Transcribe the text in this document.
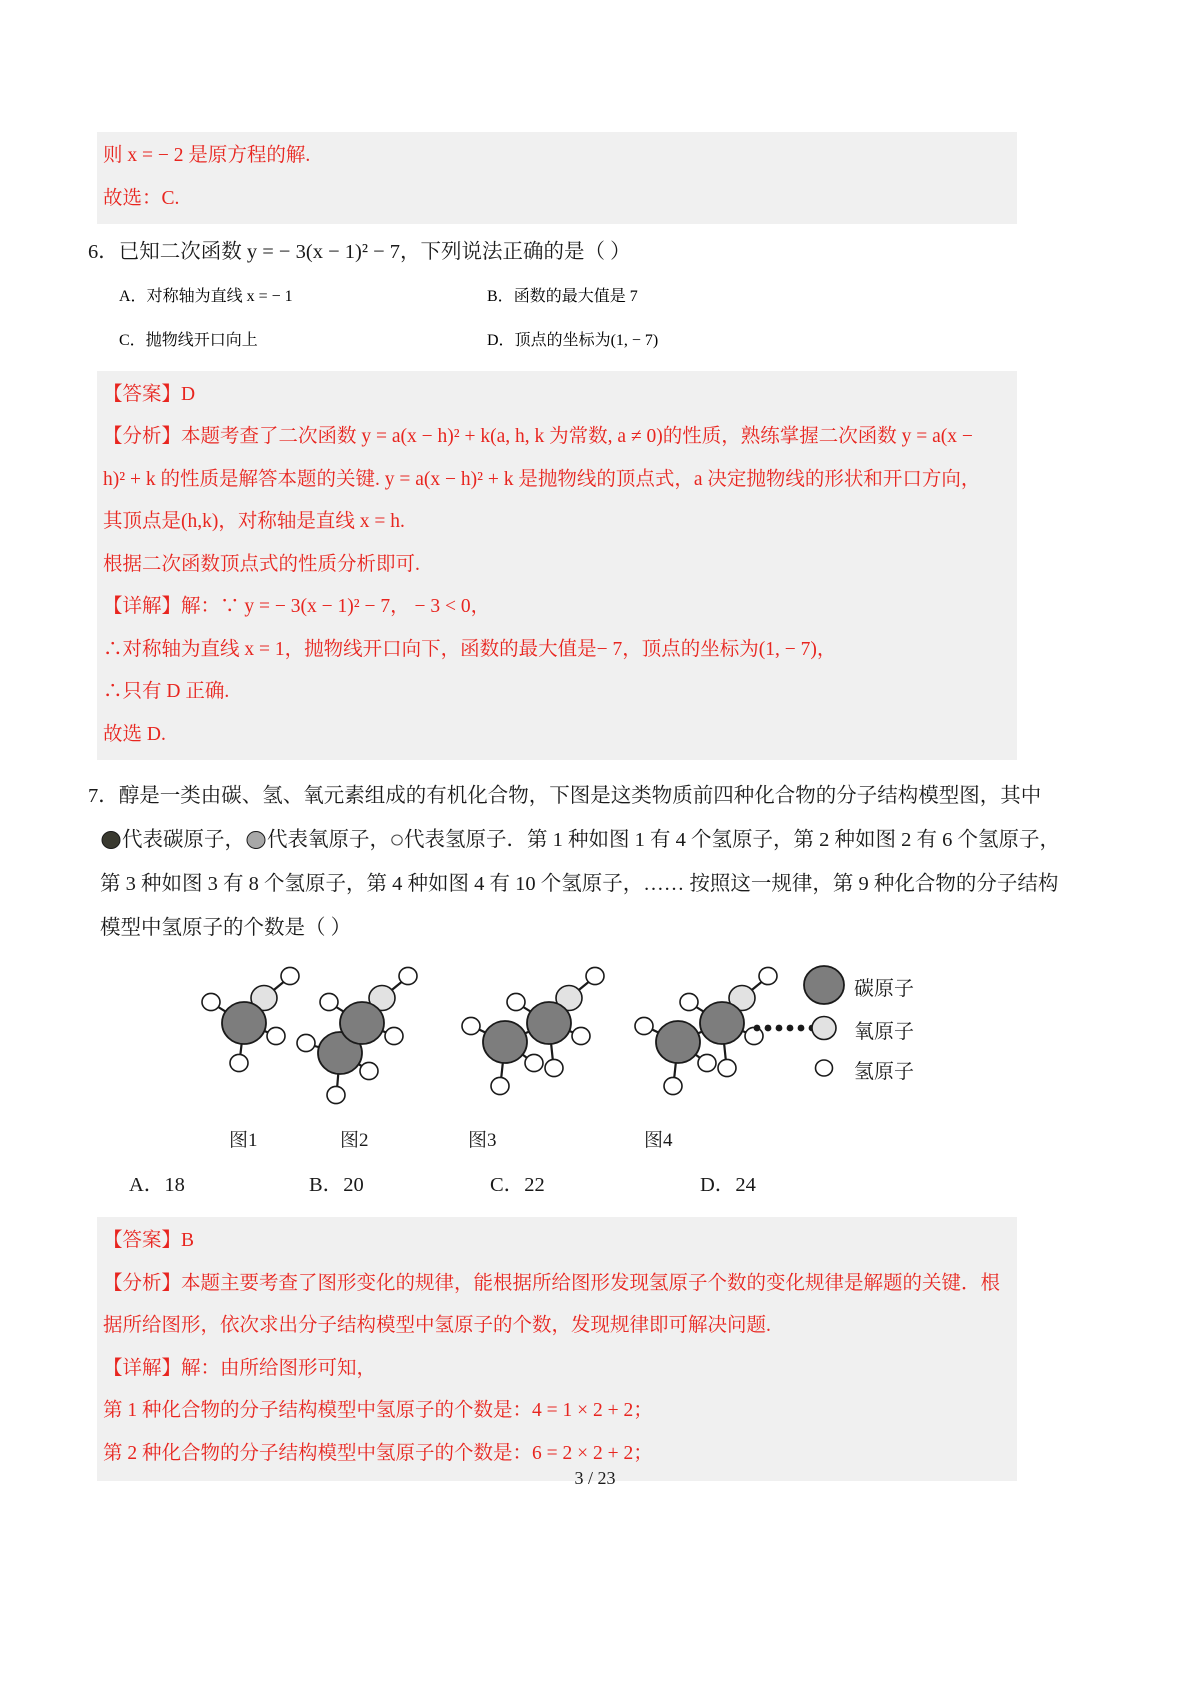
则 x = − 2 是原方程的解.
故选：C.
6．已知二次函数 y = − 3(x − 1)² − 7，下列说法正确的是（ ）
A．对称轴为直线 x = − 1	B．函数的最大值是 7
C．抛物线开口向上	D．顶点的坐标为(1, − 7)
【答案】D
【分析】本题考查了二次函数 y = a(x − h)² + k(a, h, k 为常数, a ≠ 0)的性质，熟练掌握二次函数 y = a(x −
h)² + k 的性质是解答本题的关键. y = a(x − h)² + k 是抛物线的顶点式，a 决定抛物线的形状和开口方向，
其顶点是(h,k)，对称轴是直线 x = h.
根据二次函数顶点式的性质分析即可.
【详解】解：∵ y = − 3(x − 1)² − 7， − 3 < 0，
∴对称轴为直线 x = 1，抛物线开口向下，函数的最大值是− 7，顶点的坐标为(1, − 7)，
∴只有 D 正确.
故选 D.
7．醇是一类由碳、氢、氧元素组成的有机化合物，下图是这类物质前四种化合物的分子结构模型图，其中
代表碳原子， 代表氧原子， 代表氢原子．第 1 种如图 1 有 4 个氢原子，第 2 种如图 2 有 6 个氢原子，
第 3 种如图 3 有 8 个氢原子，第 4 种如图 4 有 10 个氢原子，…… 按照这一规律，第 9 种化合物的分子结构
模型中氢原子的个数是（ ）
碳原子
氧原子
氢原子
图1	图2	图3	图4
A．18	B．20	C．22	D．24
【答案】B
【分析】本题主要考查了图形变化的规律，能根据所给图形发现氢原子个数的变化规律是解题的关键．根
据所给图形，依次求出分子结构模型中氢原子的个数，发现规律即可解决问题.
【详解】解：由所给图形可知，
第 1 种化合物的分子结构模型中氢原子的个数是：4 = 1 × 2 + 2；
第 2 种化合物的分子结构模型中氢原子的个数是：6 = 2 × 2 + 2；
3 / 23
